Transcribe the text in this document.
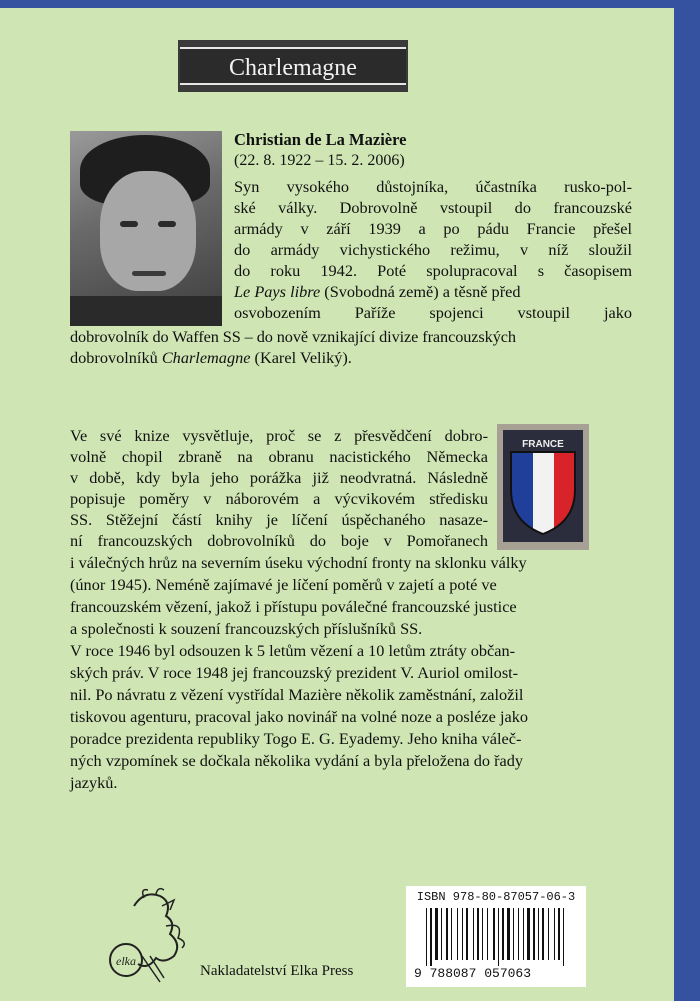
Charlemagne
Christian de La Mazière
(22. 8. 1922 – 15. 2. 2006)
Syn vysokého důstojníka, účastníka rusko-pol-
ské války. Dobrovolně vstoupil do francouzské
armády v září 1939 a po pádu Francie přešel
do armády vichystického režimu, v níž sloužil
do roku 1942. Poté spolupracoval s časopisem
Le Pays libre (Svobodná země) a těsně před
osvobozením Paříže spojenci vstoupil jako
dobrovolník do Waffen SS – do nově vznikající divize francouzských
dobrovolníků Charlemagne (Karel Veliký).
FRANCE
Ve své knize vysvětluje, proč se z přesvědčení dobro-
volně chopil zbraně na obranu nacistického Německa
v době, kdy byla jeho porážka již neodvratná. Následně
popisuje poměry v náborovém a výcvikovém středisku
SS. Stěžejní částí knihy je líčení úspěchaného nasaze-
ní francouzských dobrovolníků do boje v Pomořanech
i válečných hrůz na severním úseku východní fronty na sklonku války
(únor 1945). Neméně zajímavé je líčení poměrů v zajetí a poté ve
francouzském vězení, jakož i přístupu poválečné francouzské justice
a společnosti k souzení francouzských příslušníků SS.
V roce 1946 byl odsouzen k 5 letům vězení a 10 letům ztráty občan-
ských práv. V roce 1948 jej francouzský prezident V. Auriol omilost-
nil. Po návratu z vězení vystřídal Mazière několik zaměstnání, založil
tiskovou agenturu, pracoval jako novinář na volné noze a posléze jako
poradce prezidenta republiky Togo E. G. Eyademy. Jeho kniha váleč-
ných vzpomínek se dočkala několika vydání a byla přeložena do řady
jazyků.
elka
Nakladatelství Elka Press
ISBN 978-80-87057-06-3
9 788087 057063
